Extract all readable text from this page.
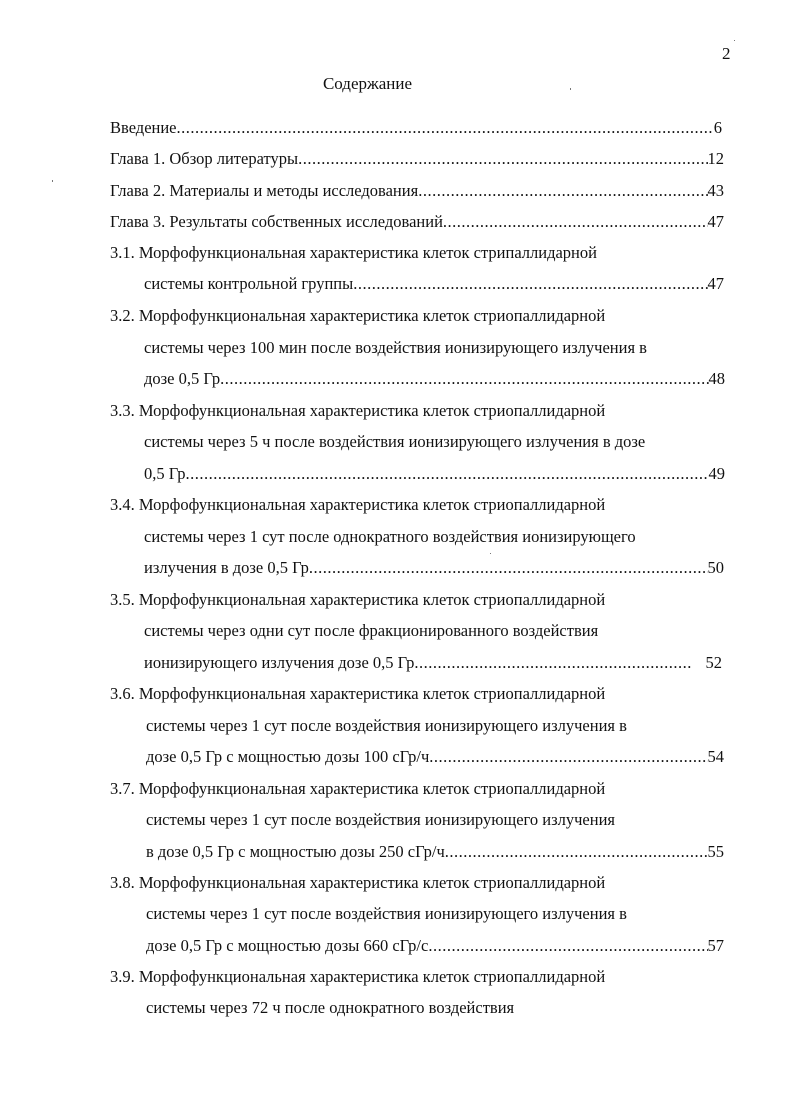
2
Содержание
Введение .....	6
Глава 1. Обзор литературы .....	12
Глава 2. Материалы и методы исследования .....	43
Глава 3. Результаты собственных исследований .....	47
3.1. Морфофункциональная характеристика клеток стрипаллидарной
системы контрольной группы .....	47
3.2. Морфофункциональная характеристика клеток стриопаллидарной
системы через 100 мин после воздействия ионизирующего излучения в
дозе 0,5 Гр .....	48
3.3. Морфофункциональная характеристика клеток стриопаллидарной
системы через 5 ч после воздействия ионизирующего излучения в дозе
0,5 Гр .....	49
3.4. Морфофункциональная характеристика клеток стриопаллидарной
системы через 1 сут после однократного воздействия ионизирующего
излучения в дозе 0,5 Гр .....	50
3.5. Морфофункциональная характеристика клеток стриопаллидарной
системы через одни сут после фракционированного воздействия
ионизирующего излучения дозе 0,5 Гр .....	52
3.6. Морфофункциональная характеристика клеток стриопаллидарной
системы через 1 сут после воздействия ионизирующего излучения в
дозе 0,5 Гр с мощностью дозы 100 сГр/ч .....	54
3.7. Морфофункциональная характеристика клеток стриопаллидарной
системы через 1 сут после воздействия ионизирующего излучения
в дозе 0,5 Гр с мощностыю дозы 250 сГр/ч .....	55
3.8. Морфофункциональная характеристика клеток стриопаллидарной
системы через 1 сут после воздействия ионизирующего излучения в
дозе 0,5 Гр с мощностью дозы 660 сГр/с .....	57
3.9. Морфофункциональная характеристика клеток стриопаллидарной
системы через 72 ч после однократного воздействия
